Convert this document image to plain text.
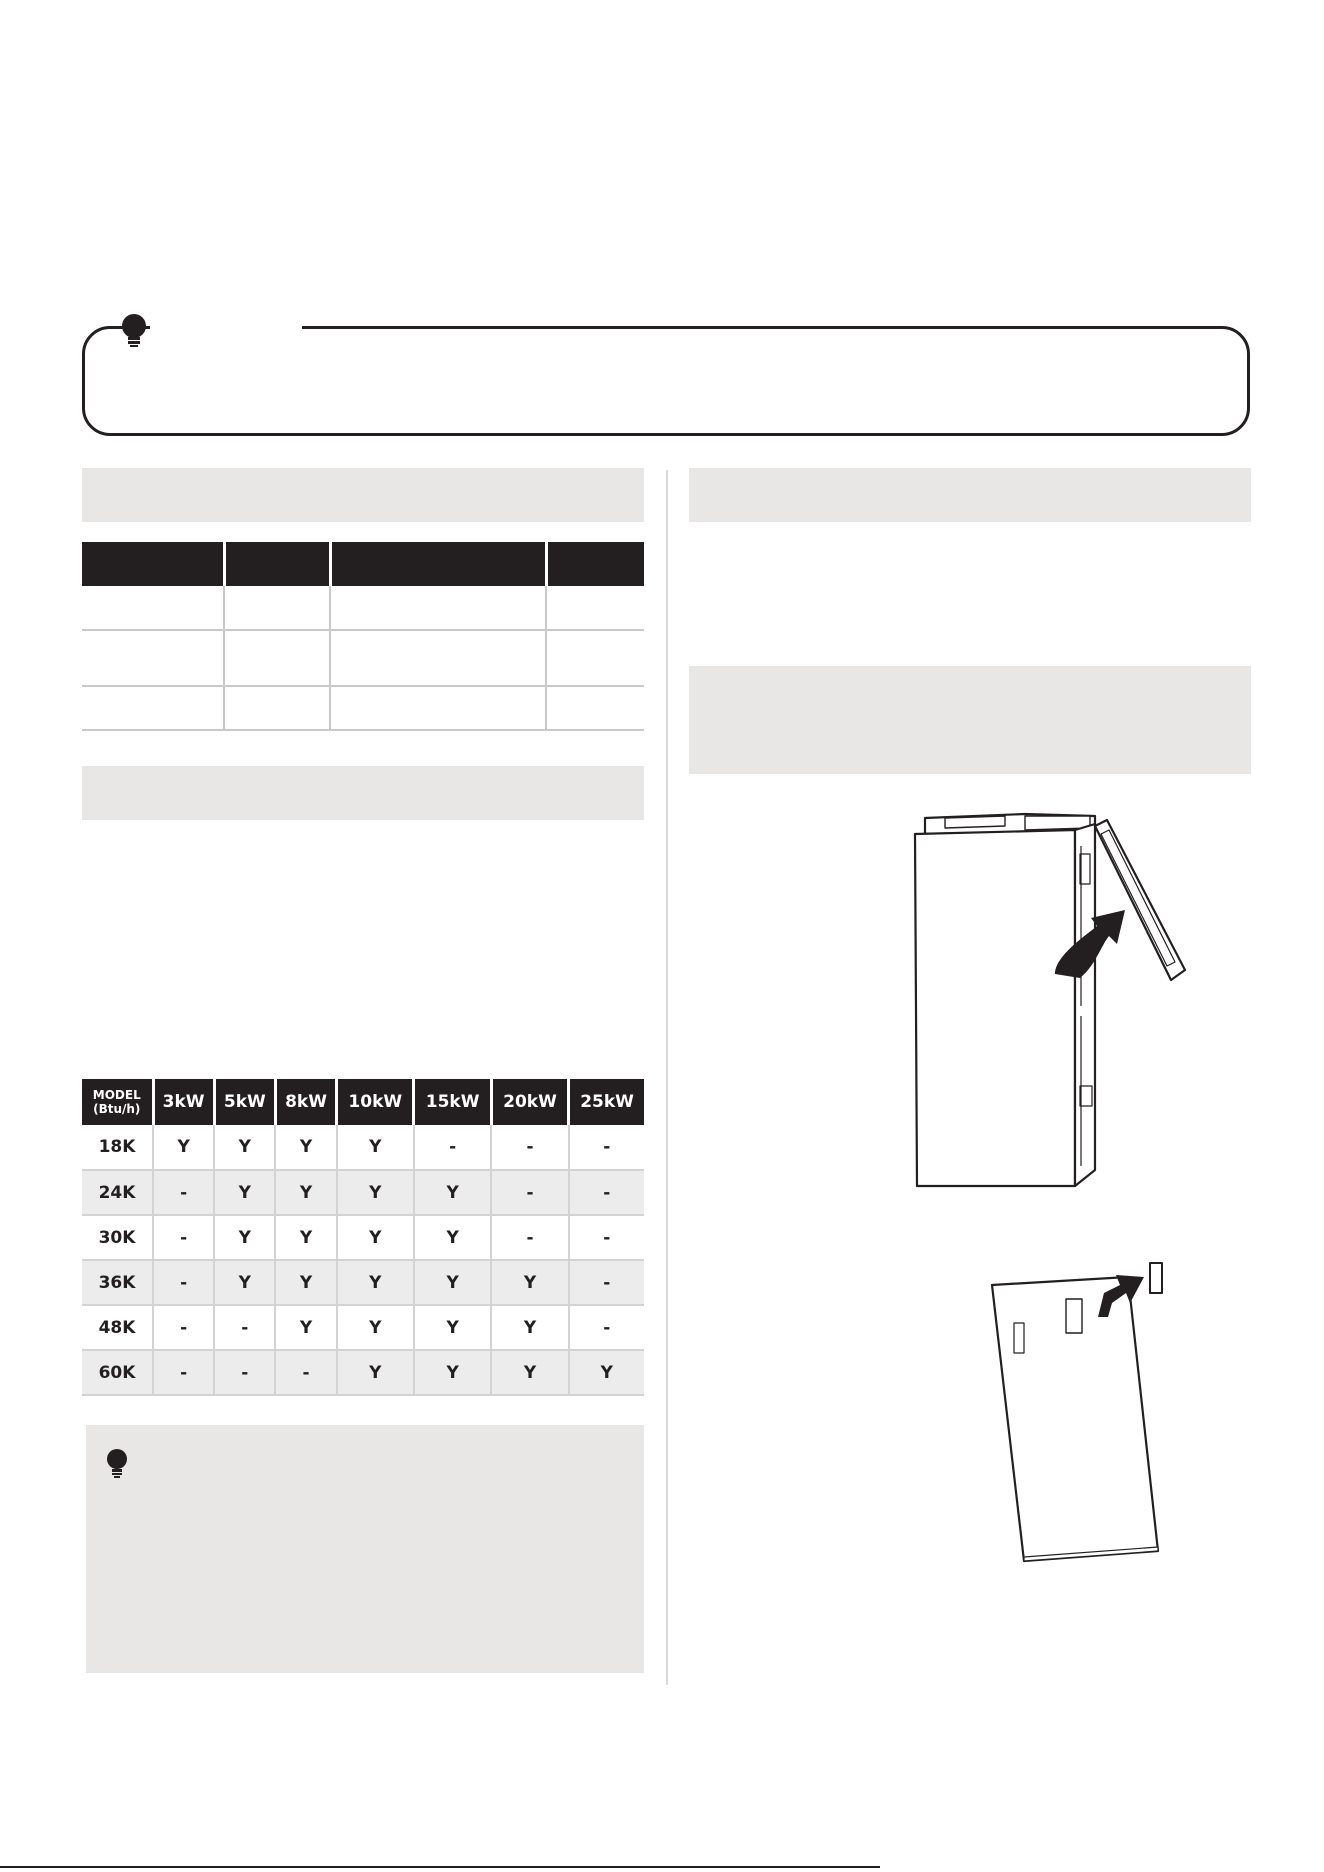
MODEL
(Btu/h)	3kW	5kW	8kW	10kW	15kW	20kW	25kW
18K	Y	Y	Y	Y	-	-	-
24K	-	Y	Y	Y	Y	-	-
30K	-	Y	Y	Y	Y	-	-
36K	-	Y	Y	Y	Y	Y	-
48K	-	-	Y	Y	Y	Y	-
60K	-	-	-	Y	Y	Y	Y
